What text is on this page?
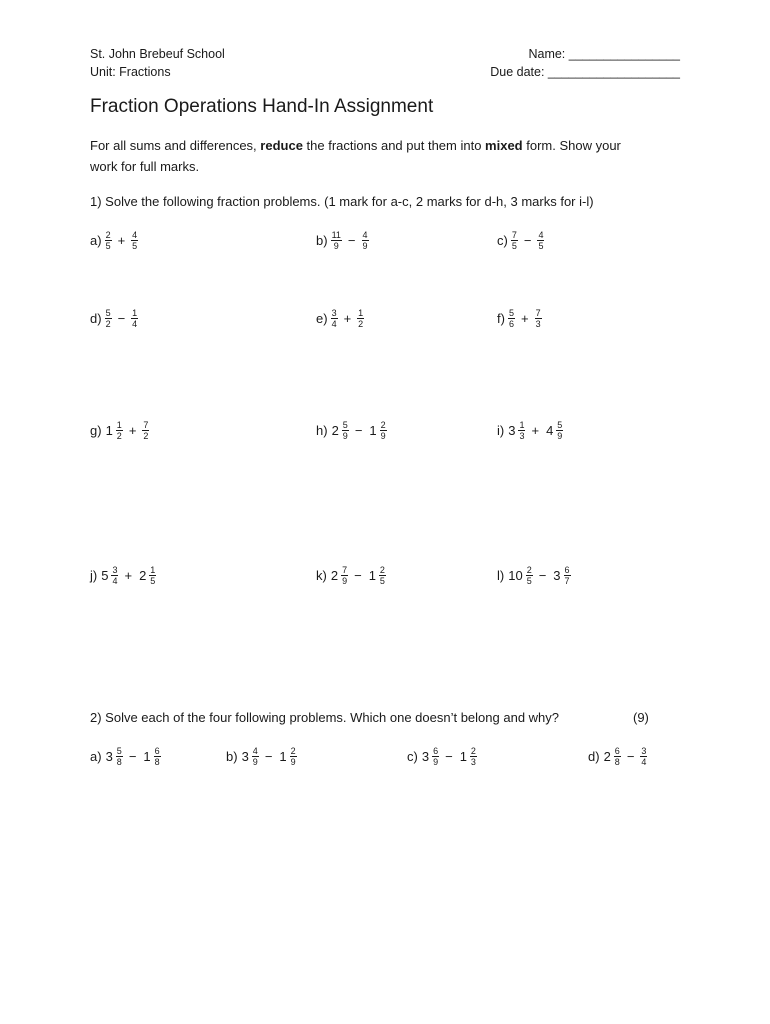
St. John Brebeuf School
Unit: Fractions
Name: ________________
Due date: ___________________
Fraction Operations Hand-In Assignment
For all sums and differences, reduce the fractions and put them into mixed form. Show your
work for full marks.
1) Solve the following fraction problems. (1 mark for a-c, 2 marks for d-h, 3 marks for i-l)
2) Solve each of the four following problems. Which one doesn’t belong and why?	(9)
$a) \frac{2}{5} + \frac{4}{5}$	$b) \frac{11}{9} - \frac{4}{9}$	$c) \frac{7}{5} - \frac{4}{5}$
$d) \frac{5}{2} - \frac{1}{4}$	$e) \frac{3}{4} + \frac{1}{2}$	$f) \frac{5}{6} + \frac{7}{3}$
g) $1 \frac{1}{2} + \frac{7}{2}$	h) $2 \frac{5}{9} - 1 \frac{2}{9}$	i) $3 \frac{1}{3} + 4 \frac{5}{9}$
j) $5 \frac{3}{4} + 2 \frac{1}{5}$	k) $2 \frac{7}{9} - 1 \frac{2}{5}$	l) $10 \frac{2}{5} - 3 \frac{6}{7}$
a) $3 \frac{5}{8} - 1 \frac{6}{8}$	b) $3 \frac{4}{9} - 1 \frac{2}{9}$	c) $3 \frac{6}{9} - 1 \frac{2}{3}$	d) $2 \frac{6}{8} - \frac{3}{4}$
